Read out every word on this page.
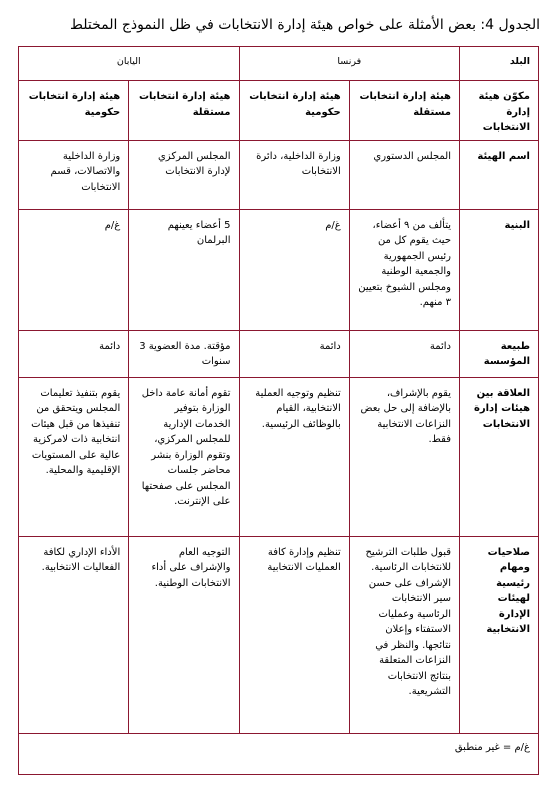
الجدول 4: بعض الأمثلة على خواص هيئة إدارة الانتخابات في ظل النموذج المختلط
البلد	فرنسا		اليابان	
مكوّن هيئة إدارة الانتخابات	هيئة إدارة انتخابات مستقلة	هيئة إدارة انتخابات حكومية	هيئة إدارة انتخابات مستقلة	هيئة إدارة انتخابات حكومية
اسم الهيئة	المجلس الدستوري	وزارة الداخلية، دائرة الانتخابات	المجلس المركزي لإدارة الانتخابات	وزارة الداخلية والاتصالات، قسم الانتخابات
البنية	يتألف من ٩ أعضاء، حيث يقوم كل من رئيس الجمهورية والجمعية الوطنية ومجلس الشيوخ بتعيين ٣ منهم.	غ/م	5 أعضاء يعينهم البرلمان	غ/م
طبيعة المؤسسة	دائمة	دائمة	مؤقتة. مدة العضوية 3 سنوات	دائمة
العلاقة بين هيئات إدارة الانتخابات	يقوم بالإشراف، بالإضافة إلى حل بعض النزاعات الانتخابية فقط.	تنظيم وتوجيه العملية الانتخابية، القيام بالوظائف الرئيسية.	تقوم أمانة عامة داخل الوزارة بتوفير الخدمات الإدارية للمجلس المركزي، وتقوم الوزارة بنشر محاضر جلسات المجلس على صفحتها على الإنترنت.	يقوم بتنفيذ تعليمات المجلس ويتحقق من تنفيذها من قبل هيئات انتخابية ذات لامركزية عالية على المستويات الإقليمية والمحلية.
صلاحيات ومهام رئيسية لهيئات الإدارة الانتخابية	قبول طلبات الترشيح للانتخابات الرئاسية. الإشراف على حسن سير الانتخابات الرئاسية وعمليات الاستفتاء وإعلان نتائجها. والنظر في النزاعات المتعلقة بنتائج الانتخابات التشريعية.	تنظيم وإدارة كافة العمليات الانتخابية	التوجيه العام والإشراف على أداء الانتخابات الوطنية.	الأداء الإداري لكافة الفعاليات الانتخابية.
غ/م = غير منطبق				
